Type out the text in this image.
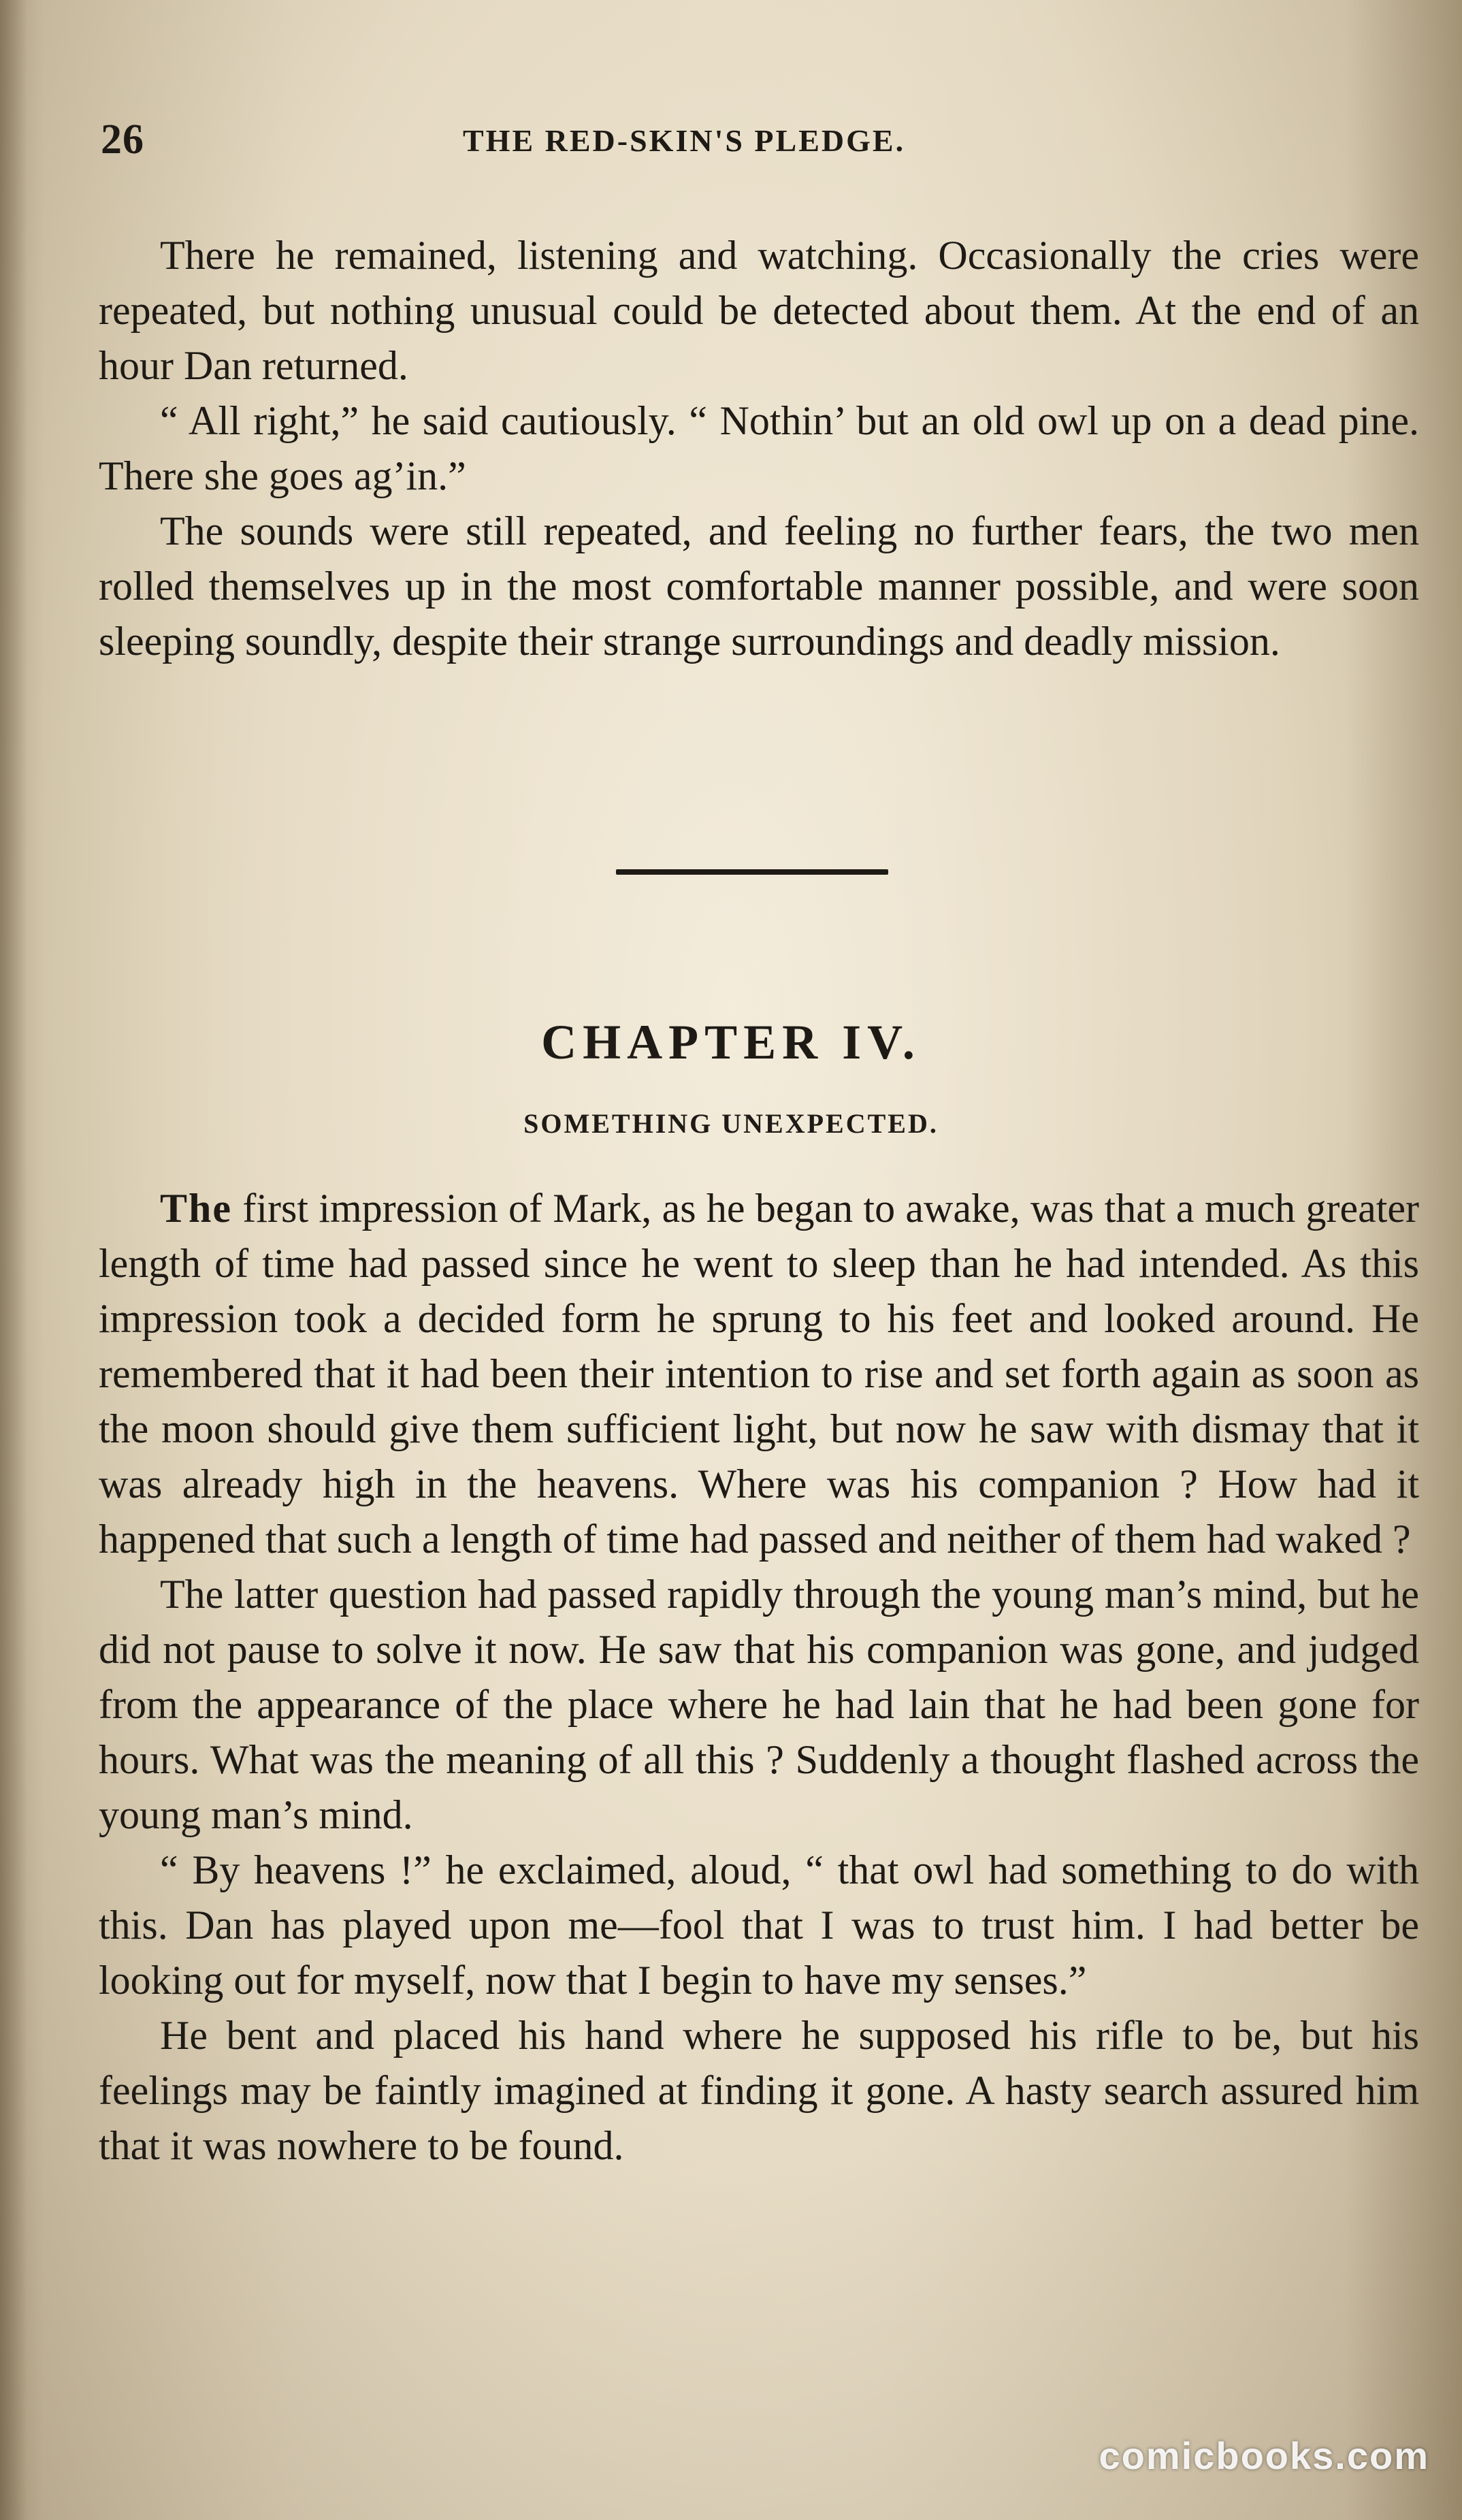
26	THE RED-SKIN'S PLEDGE.

There he remained, listening and watching. Occasionally the cries were repeated, but nothing unusual could be detected about them. At the end of an hour Dan returned.

“ All right,” he said cautiously. “ Nothin’ but an old owl up on a dead pine. There she goes ag’in.”

The sounds were still repeated, and feeling no further fears, the two men rolled themselves up in the most comfortable manner possible, and were soon sleeping soundly, despite their strange surroundings and deadly mission.

CHAPTER IV.
SOMETHING UNEXPECTED.

The first impression of Mark, as he began to awake, was that a much greater length of time had passed since he went to sleep than he had intended. As this impression took a decided form he sprung to his feet and looked around. He remembered that it had been their intention to rise and set forth again as soon as the moon should give them sufficient light, but now he saw with dismay that it was already high in the heavens. Where was his companion ? How had it happened that such a length of time had passed and neither of them had waked ?

The latter question had passed rapidly through the young man’s mind, but he did not pause to solve it now. He saw that his companion was gone, and judged from the appearance of the place where he had lain that he had been gone for hours. What was the meaning of all this ? Suddenly a thought flashed across the young man’s mind.

“ By heavens !” he exclaimed, aloud, “ that owl had something to do with this. Dan has played upon me—fool that I was to trust him. I had better be looking out for myself, now that I begin to have my senses.”

He bent and placed his hand where he supposed his rifle to be, but his feelings may be faintly imagined at finding it gone. A hasty search assured him that it was nowhere to be found.

comicbooks.com
